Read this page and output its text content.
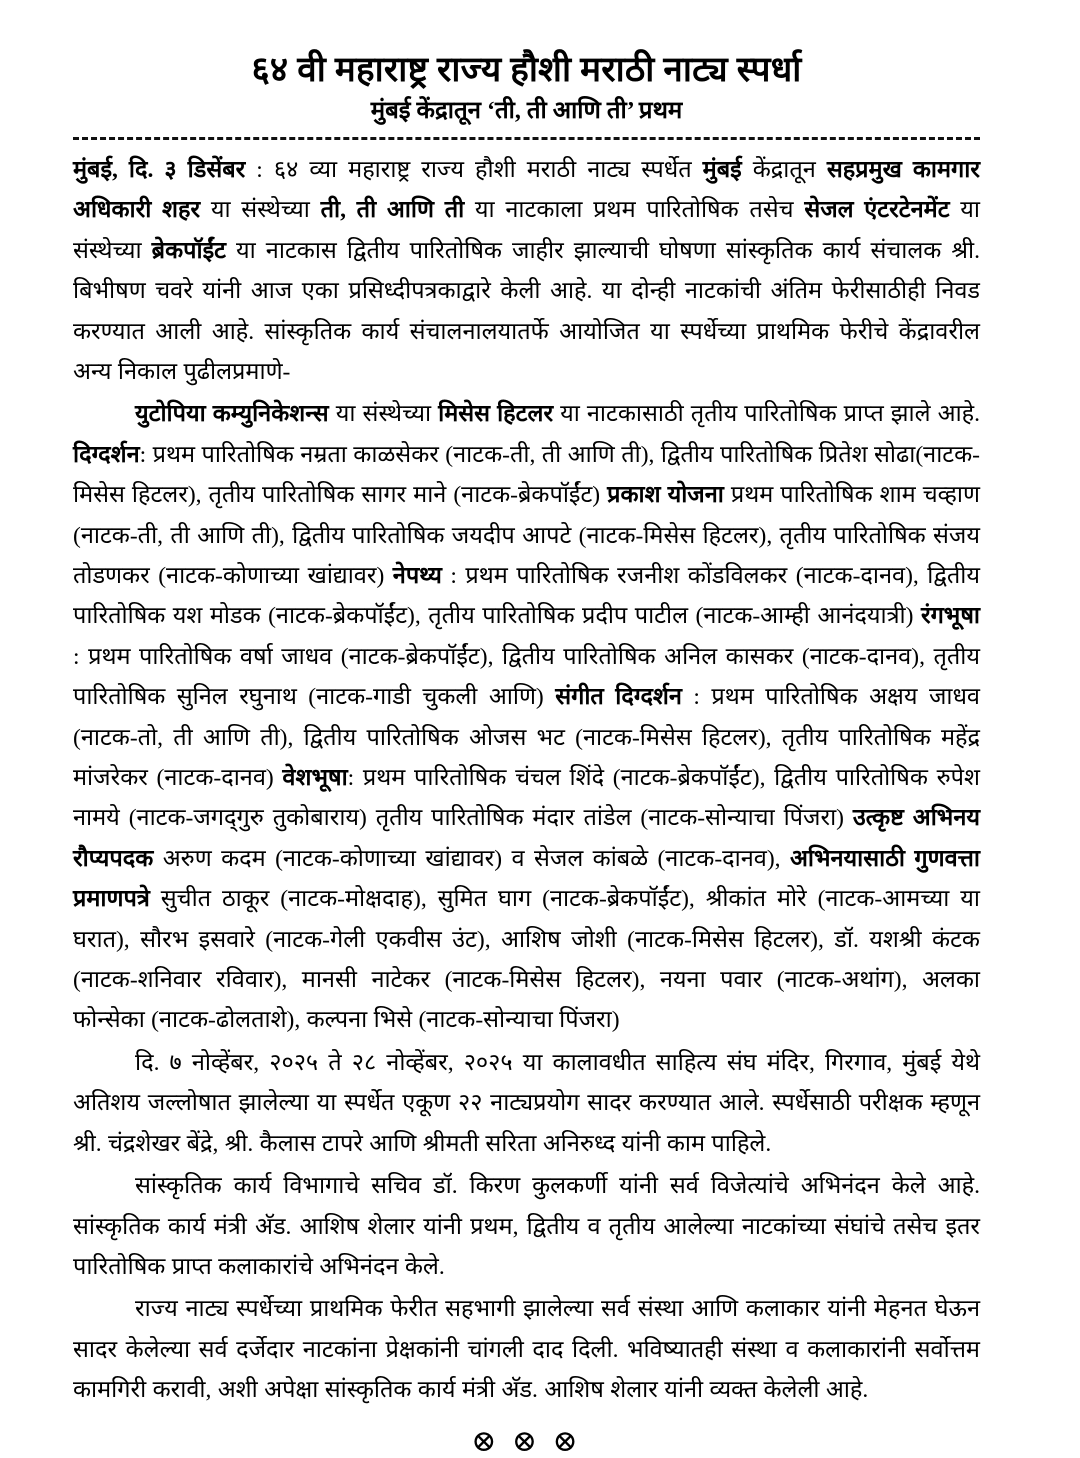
६४ वी महाराष्ट्र राज्य हौशी मराठी नाट्य स्पर्धा
मुंबई केंद्रातून ‘ती, ती आणि ती’ प्रथम

मुंबई, दि. ३ डिसेंबर : ६४ व्या महाराष्ट्र राज्य हौशी मराठी नाट्य स्पर्धेत मुंबई केंद्रातून सहप्रमुख कामगार अधिकारी शहर या संस्थेच्या ती, ती आणि ती या नाटकाला प्रथम पारितोषिक तसेच सेजल एंटरटेनमेंट या संस्थेच्या ब्रेकपॉईंट या नाटकास द्वितीय पारितोषिक जाहीर झाल्याची घोषणा सांस्कृतिक कार्य संचालक श्री. बिभीषण चवरे यांनी आज एका प्रसिध्दीपत्रकाद्वारे केली आहे. या दोन्ही नाटकांची अंतिम फेरीसाठीही निवड करण्यात आली आहे. सांस्कृतिक कार्य संचालनालयातर्फे आयोजित या स्पर्धेच्या प्राथमिक फेरीचे केंद्रावरील अन्य निकाल पुढीलप्रमाणे-

युटोपिया कम्युनिकेशन्स या संस्थेच्या मिसेस हिटलर या नाटकासाठी तृतीय पारितोषिक प्राप्त झाले आहे. दिग्दर्शन: प्रथम पारितोषिक नम्रता काळसेकर (नाटक-ती, ती आणि ती), द्वितीय पारितोषिक प्रितेश सोढा(नाटक-मिसेस हिटलर), तृतीय पारितोषिक सागर माने (नाटक-ब्रेकपॉईंट) प्रकाश योजना प्रथम पारितोषिक शाम चव्हाण (नाटक-ती, ती आणि ती), द्वितीय पारितोषिक जयदीप आपटे (नाटक-मिसेस हिटलर), तृतीय पारितोषिक संजय तोडणकर (नाटक-कोणाच्या खांद्यावर) नेपथ्य : प्रथम पारितोषिक रजनीश कोंडविलकर (नाटक-दानव), द्वितीय पारितोषिक यश मोडक (नाटक-ब्रेकपॉईंट), तृतीय पारितोषिक प्रदीप पाटील (नाटक-आम्ही आनंदयात्री) रंगभूषा : प्रथम पारितोषिक वर्षा जाधव (नाटक-ब्रेकपॉईंट), द्वितीय पारितोषिक अनिल कासकर (नाटक-दानव), तृतीय पारितोषिक सुनिल रघुनाथ (नाटक-गाडी चुकली आणि) संगीत दिग्दर्शन : प्रथम पारितोषिक अक्षय जाधव (नाटक-तो, ती आणि ती), द्वितीय पारितोषिक ओजस भट (नाटक-मिसेस हिटलर), तृतीय पारितोषिक महेंद्र मांजरेकर (नाटक-दानव) वेशभूषा: प्रथम पारितोषिक चंचल शिंदे (नाटक-ब्रेकपॉईंट), द्वितीय पारितोषिक रुपेश नामये (नाटक-जगद्‌गुरु तुकोबाराय) तृतीय पारितोषिक मंदार तांडेल (नाटक-सोन्याचा पिंजरा) उत्कृष्ट अभिनय रौप्यपदक अरुण कदम (नाटक-कोणाच्या खांद्यावर) व सेजल कांबळे (नाटक-दानव), अभिनयासाठी गुणवत्ता प्रमाणपत्रे सुचीत ठाकूर (नाटक-मोक्षदाह), सुमित घाग (नाटक-ब्रेकपॉईंट), श्रीकांत मोरे (नाटक-आमच्या या घरात), सौरभ इसवारे (नाटक-गेली एकवीस उंट), आशिष जोशी (नाटक-मिसेस हिटलर), डॉ. यशश्री कंटक (नाटक-शनिवार रविवार), मानसी नाटेकर (नाटक-मिसेस हिटलर), नयना पवार (नाटक-अथांग), अलका फोन्सेका (नाटक-ढोलताशे), कल्पना भिसे (नाटक-सोन्याचा पिंजरा)

दि. ७ नोव्हेंबर, २०२५ ते २८ नोव्हेंबर, २०२५ या कालावधीत साहित्य संघ मंदिर, गिरगाव, मुंबई येथे अतिशय जल्लोषात झालेल्या या स्पर्धेत एकूण २२ नाट्यप्रयोग सादर करण्यात आले. स्पर्धेसाठी परीक्षक म्हणून श्री. चंद्रशेखर बेंद्रे, श्री. कैलास टापरे आणि श्रीमती सरिता अनिरुध्द यांनी काम पाहिले.

सांस्कृतिक कार्य विभागाचे सचिव डॉ. किरण कुलकर्णी यांनी सर्व विजेत्यांचे अभिनंदन केले आहे. सांस्कृतिक कार्य मंत्री अ‍ॅड. आशिष शेलार यांनी प्रथम, द्वितीय व तृतीय आलेल्या नाटकांच्या संघांचे तसेच इतर पारितोषिक प्राप्त कलाकारांचे अभिनंदन केले.

राज्य नाट्य स्पर्धेच्या प्राथमिक फेरीत सहभागी झालेल्या सर्व संस्था आणि कलाकार यांनी मेहनत घेऊन सादर केलेल्या सर्व दर्जेदार नाटकांना प्रेक्षकांनी चांगली दाद दिली. भविष्यातही संस्था व कलाकारांनी सर्वोत्तम कामगिरी करावी, अशी अपेक्षा सांस्कृतिक कार्य मंत्री अ‍ॅड. आशिष शेलार यांनी व्यक्त केलेली आहे.

⊗ ⊗ ⊗
